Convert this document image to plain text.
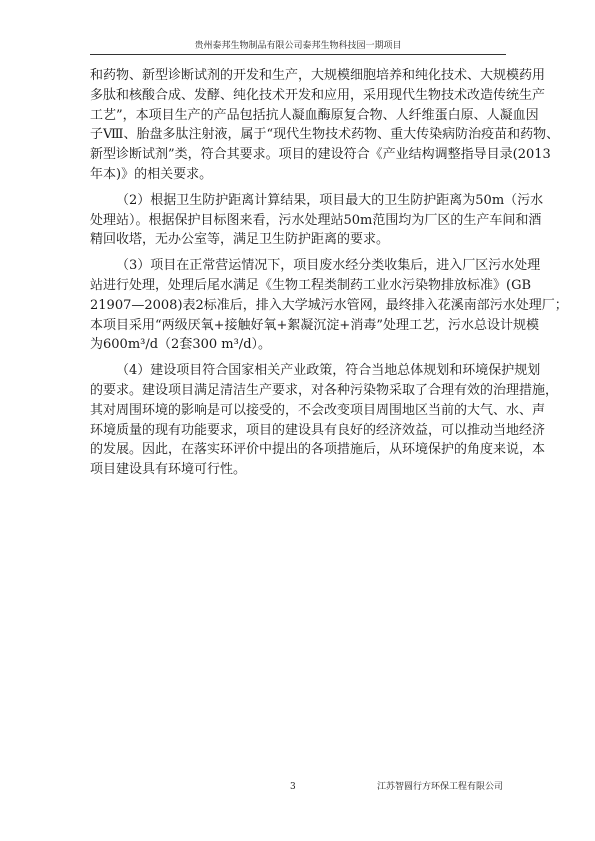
贵州泰邦生物制品有限公司泰邦生物科技园一期项目
和药物、新型诊断试剂的开发和生产，大规模细胞培养和纯化技术、大规模药用
多肽和核酸合成、发酵、纯化技术开发和应用，采用现代生物技术改造传统生产
工艺”，本项目生产的产品包括抗人凝血酶原复合物、人纤维蛋白原、人凝血因
子Ⅷ、胎盘多肽注射液，属于“现代生物技术药物、重大传染病防治疫苗和药物、
新型诊断试剂”类，符合其要求。项目的建设符合《产业结构调整指导目录(2013
年本)》的相关要求。
（2）根据卫生防护距离计算结果，项目最大的卫生防护距离为50m（污水
处理站）。根据保护目标图来看，污水处理站50m范围均为厂区的生产车间和酒
精回收塔，无办公室等，满足卫生防护距离的要求。
（3）项目在正常营运情况下，项目废水经分类收集后，进入厂区污水处理
站进行处理，处理后尾水满足《生物工程类制药工业水污染物排放标准》(GB
21907—2008)表2标准后，排入大学城污水管网，最终排入花溪南部污水处理厂；
本项目采用“两级厌氧+接触好氧+絮凝沉淀+消毒”处理工艺，污水总设计规模
为600m³/d（2套300 m³/d）。
（4）建设项目符合国家相关产业政策，符合当地总体规划和环境保护规划
的要求。建设项目满足清洁生产要求，对各种污染物采取了合理有效的治理措施，
其对周围环境的影响是可以接受的，不会改变项目周围地区当前的大气、水、声
环境质量的现有功能要求，项目的建设具有良好的经济效益，可以推动当地经济
的发展。因此，在落实环评价中提出的各项措施后，从环境保护的角度来说，本
项目建设具有环境可行性。
3	江苏智圆行方环保工程有限公司
